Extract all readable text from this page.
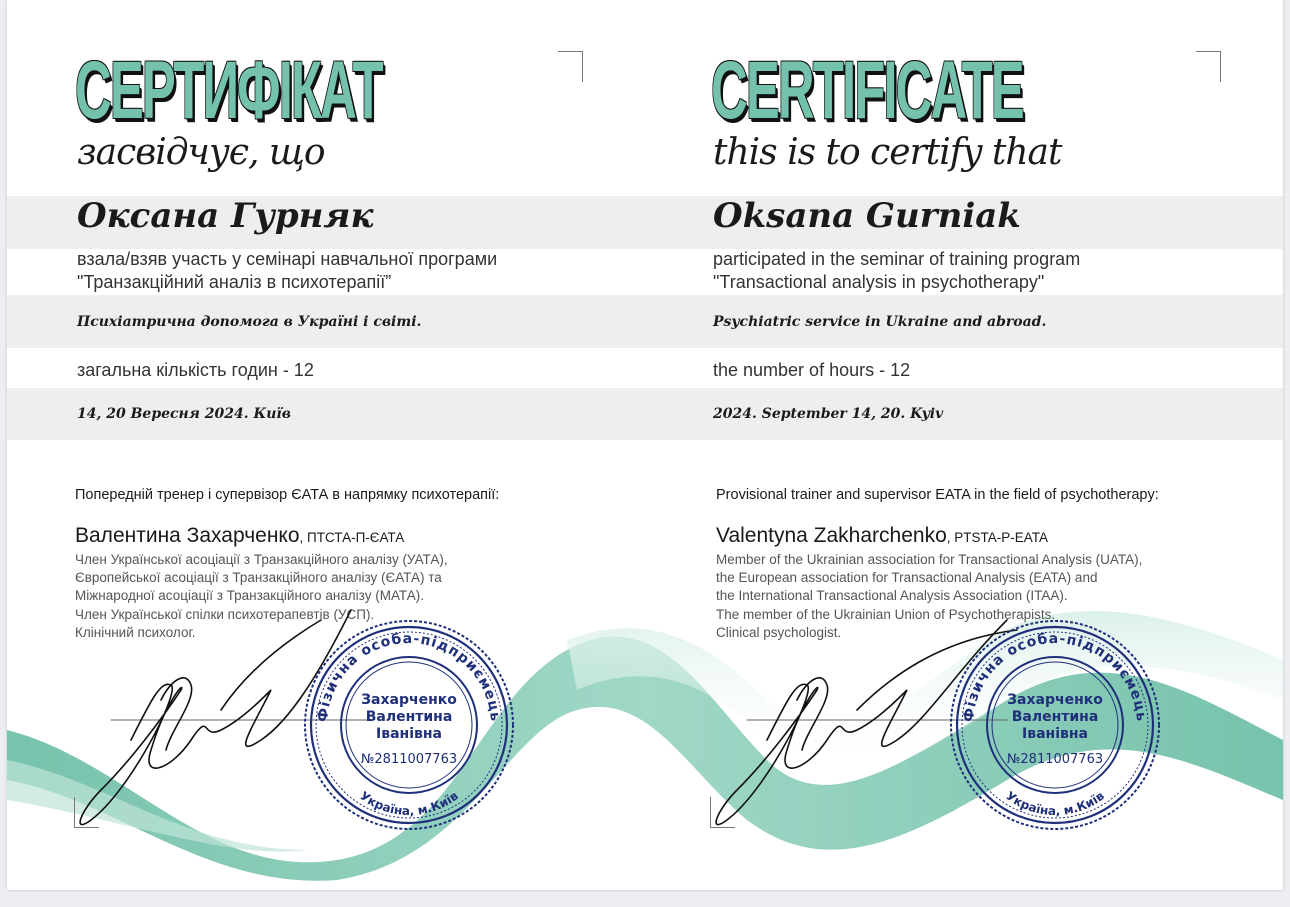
СЕРТИФІКАТ
засвідчує, що
Оксана Гурняк
взала/взяв участь у семінарі навчальної програми
"Транзакційний аналіз в психотерапії”
Психіатрична допомога в Україні і світі.
загальна кількість годин - 12
14, 20 Вересня 2024. Київ
Попередній тренер і супервізор ЄАТА в напрямку психотерапії:
Валентина Захарченко, ПТСТА-П-ЄАТА
Член Української асоціації з Транзакційного аналізу (УАТА),
Європейської асоціації з Транзакційного аналізу (ЄАТА) та
Міжнародної асоціації з Транзакційного аналізу (МАТА).
Член Української спілки психотерапевтів (УСП).
Клінічний психолог.
CERTIFICATE
this is to certify that
Oksana Gurniak
participated in the seminar of training program
"Transactional analysis in psychotherapy"
Psychiatric service in Ukraine and abroad.
the number of hours - 12
2024. September 14, 20. Kyiv
Provisional trainer and supervisor EATA in the field of psychotherapy:
Valentyna Zakharchenko, PTSTA-P-EATA
Member of the Ukrainian association for Transactional Analysis (UATA),
the European association for Transactional Analysis (EATA) and
the International Transactional Analysis Association (ITAA).
The member of the Ukrainian Union of Psychotherapists.
Clinical psychologist.
Фізична особа-підприємець
Україна, м.Київ
Захарченко
Валентина
Іванівна
№2811007763
Фізична особа-підприємець
Україна, м.Київ
Захарченко
Валентина
Іванівна
№2811007763
